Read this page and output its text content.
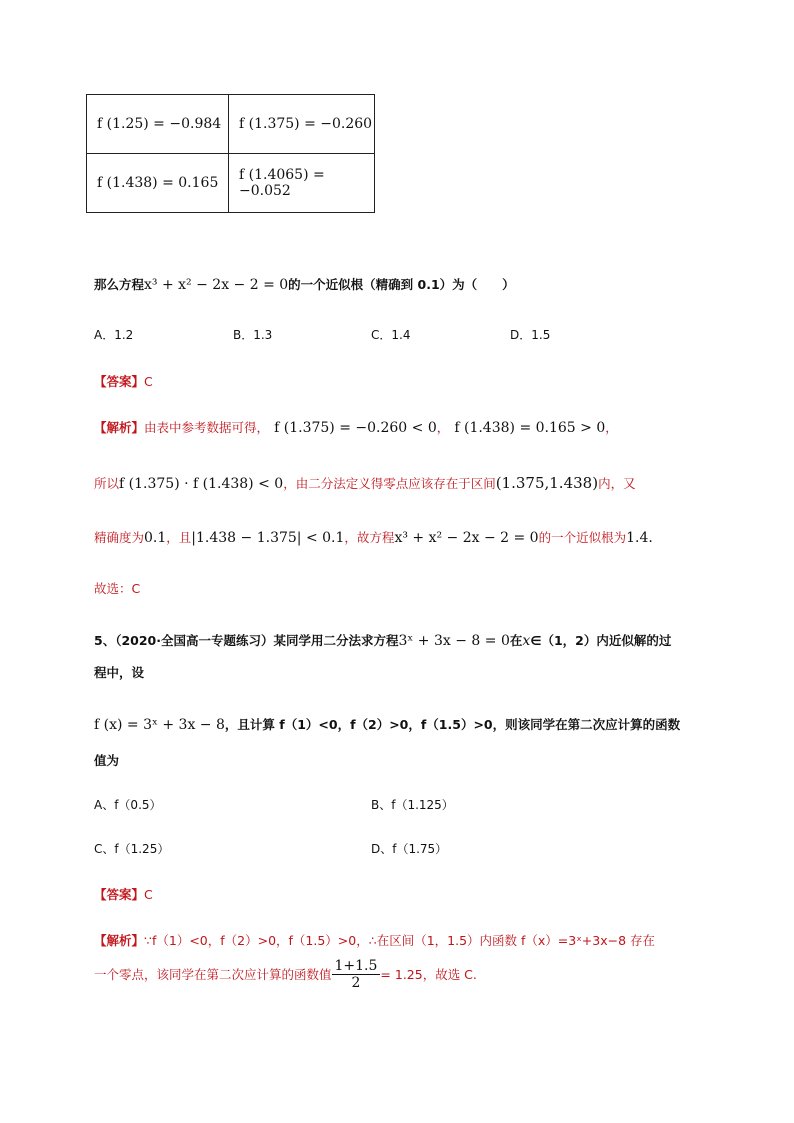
f (1.25) = −0.984	f (1.375) = −0.260
f (1.438) = 0.165	f (1.4065) = −0.052
那么方程x³ + x² − 2x − 2 = 0的一个近似根（精确到 0.1）为（　　）
A．1.2	B．1.3	C．1.4	D．1.5
【答案】C
【解析】由表中参考数据可得， f (1.375) = −0.260 < 0， f (1.438) = 0.165 > 0，
所以f (1.375) · f (1.438) < 0，由二分法定义得零点应该存在于区间(1.375,1.438)内，又
精确度为0.1，且|1.438 − 1.375| < 0.1，故方程x³ + x² − 2x − 2 = 0的一个近似根为1.4.
故选：C
5、（2020·全国高一专题练习）某同学用二分法求方程3ˣ + 3x − 8 = 0在x∈（1，2）内近似解的过
程中，设
f (x) = 3ˣ + 3x − 8，且计算 f（1）<0，f（2）>0，f（1.5）>0，则该同学在第二次应计算的函数
值为
A、f（0.5）	B、f（1.125）
C、f（1.25）	D、f（1.75）
【答案】C
【解析】∵f（1）<0，f（2）>0，f（1.5）>0，∴在区间（1，1.5）内函数 f（x）=3ˣ+3x−8 存在
一个零点，该同学在第二次应计算的函数值 $\frac{1+1.5}{2} = 1.25$，故选 C.
